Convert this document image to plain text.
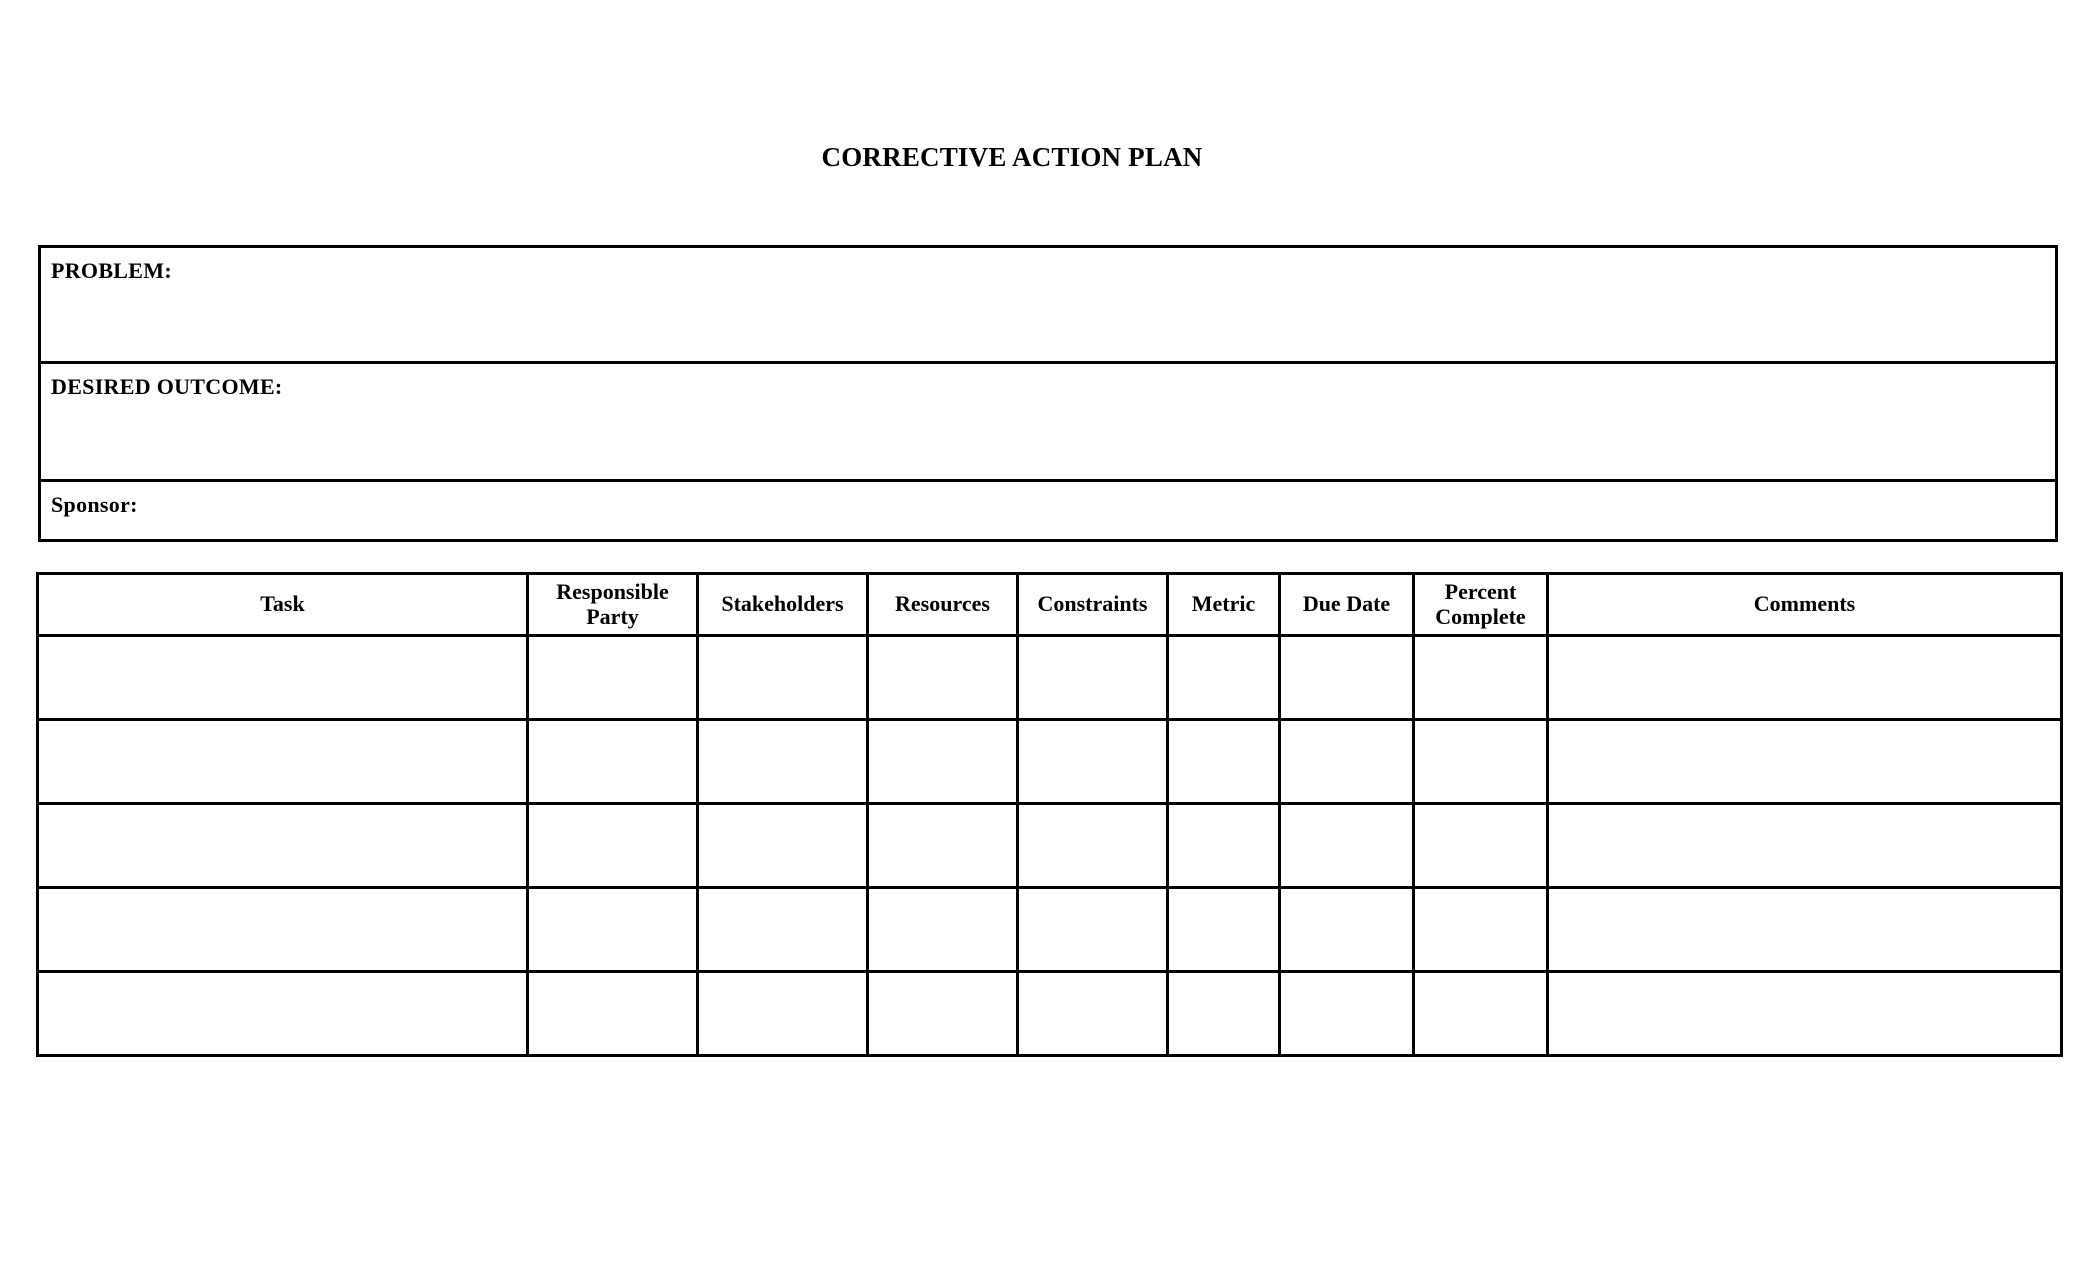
CORRECTIVE ACTION PLAN
PROBLEM:
DESIRED OUTCOME:
Sponsor:
Task	Responsible Party	Stakeholders	Resources	Constraints	Metric	Due Date	Percent Complete	Comments
